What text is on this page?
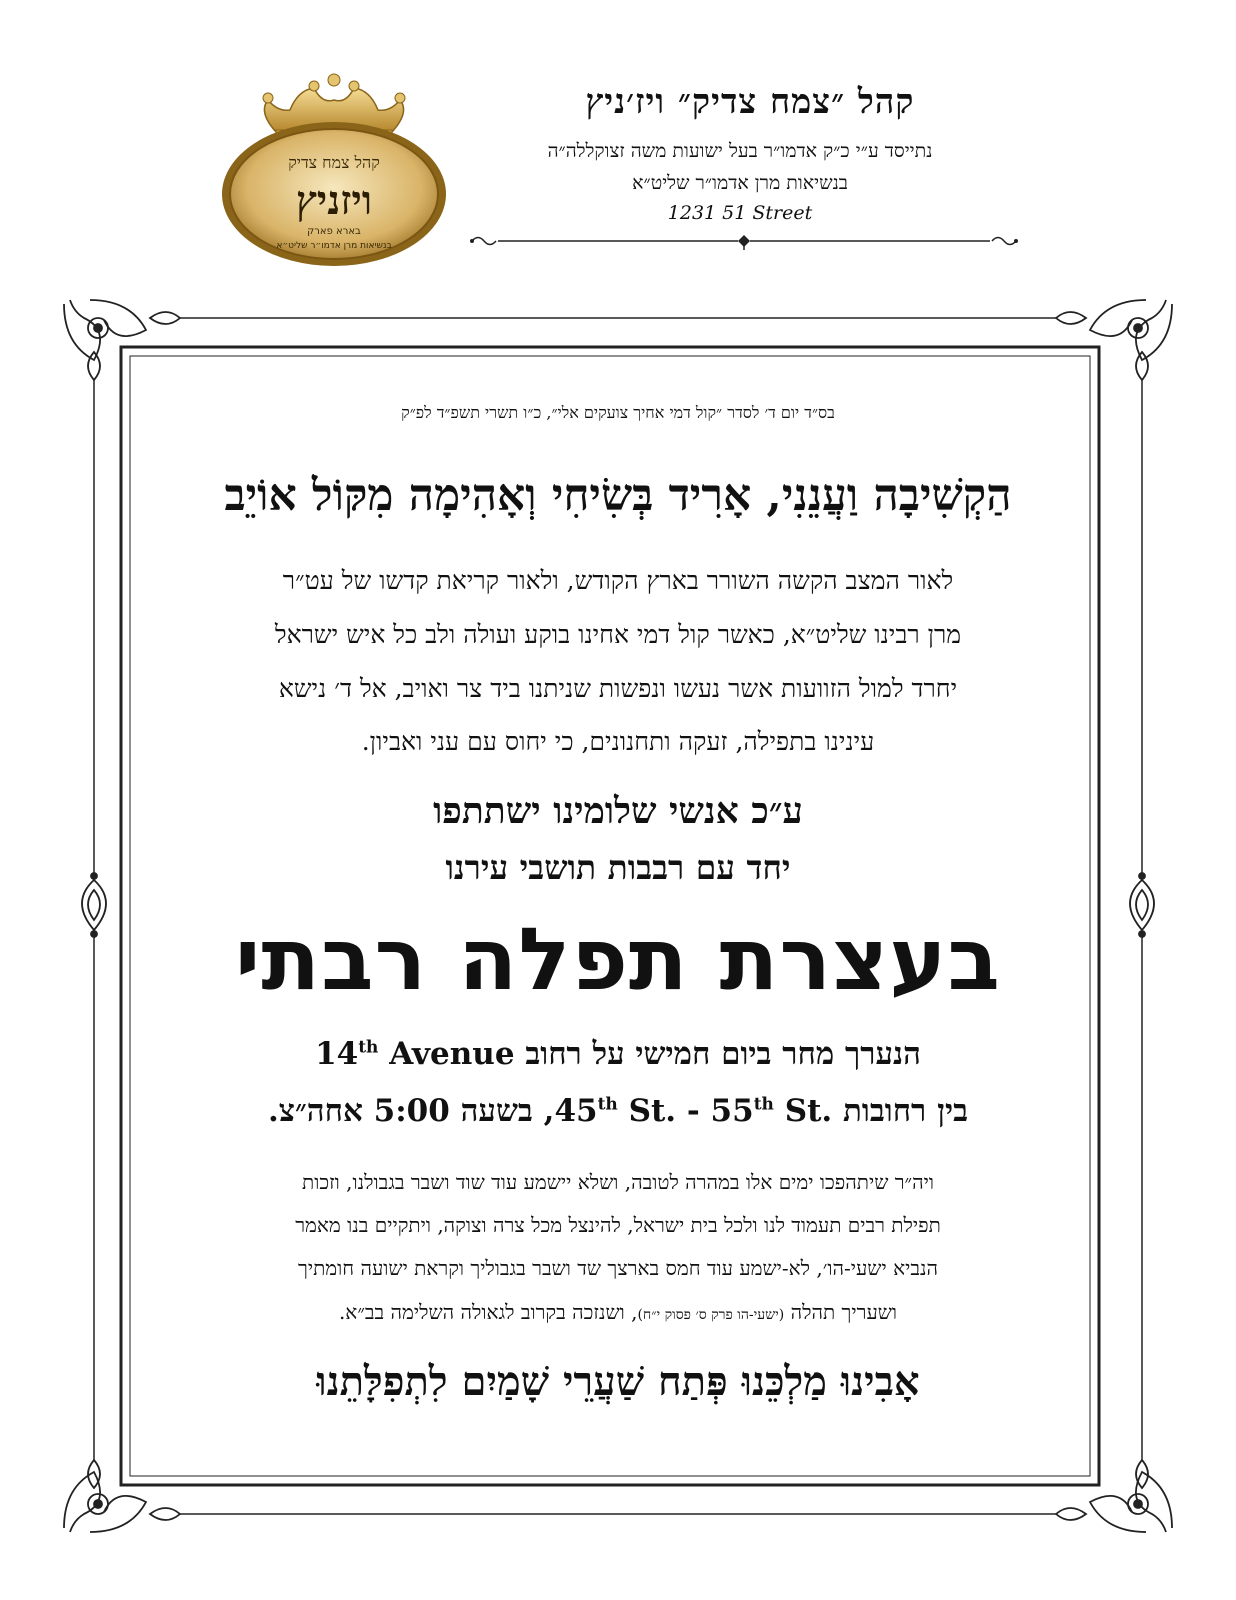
קהל צמח צדיק
ויזניץ
בארא פארק
בנשיאות מרן אדמו״ר שליט״א
קהל ״צמח צדיק״ ויז׳ניץ
נתייסד ע״י כ״ק אדמו״ר בעל ישועות משה זצוקללה״ה
בנשיאות מרן אדמו״ר שליט״א
1231 51 Street
בס״ד יום ד׳ לסדר ״קול דמי אחיך צועקים אלי״, כ״ו תשרי תשפ״ד לפ״ק
הַקְשִׁיבָה וַעֲנֵנִי, אָרִיד בְּשִׂיחִי וְאָהִימָה מִקּוֹל אוֹיֵב
לאור המצב הקשה השורר בארץ הקודש, ולאור קריאת קדשו של עט״ר
מרן רבינו שליט״א, כאשר קול דמי אחינו בוקע ועולה ולב כל איש ישראל
יחרד למול הזוועות אשר נעשו ונפשות שניתנו ביד צר ואויב, אל ד׳ נישא
עינינו בתפילה, זעקה ותחנונים, כי יחוס עם עני ואביון.
ע״כ אנשי שלומינו ישתתפו
יחד עם רבבות תושבי עירנו
בעצרת תפלה רבתי
הנערך מחר ביום חמישי על רחוב 14th Avenue
בין רחובות 45th St. - 55th St., בשעה 5:00 אחה״צ.
ויה״ר שיתהפכו ימים אלו במהרה לטובה, ושלא יישמע עוד שוד ושבר בגבולנו, וזכות
תפילת רבים תעמוד לנו ולכל בית ישראל, להינצל מכל צרה וצוקה, ויתקיים בנו מאמר
הנביא ישעי-הו׳, לא-ישמע עוד חמס בארצך שד ושבר בגבוליך וקראת ישועה חומתיך
ושעריך תהלה (ישעי-הו פרק ס׳ פסוק י״ח), ושנזכה בקרוב לגאולה השלימה בב״א.
אָבִינוּ מַלְכֵּנוּ פְּתַח שַׁעֲרֵי שָׁמַיִם לִתְפִלָּתֵנוּ
